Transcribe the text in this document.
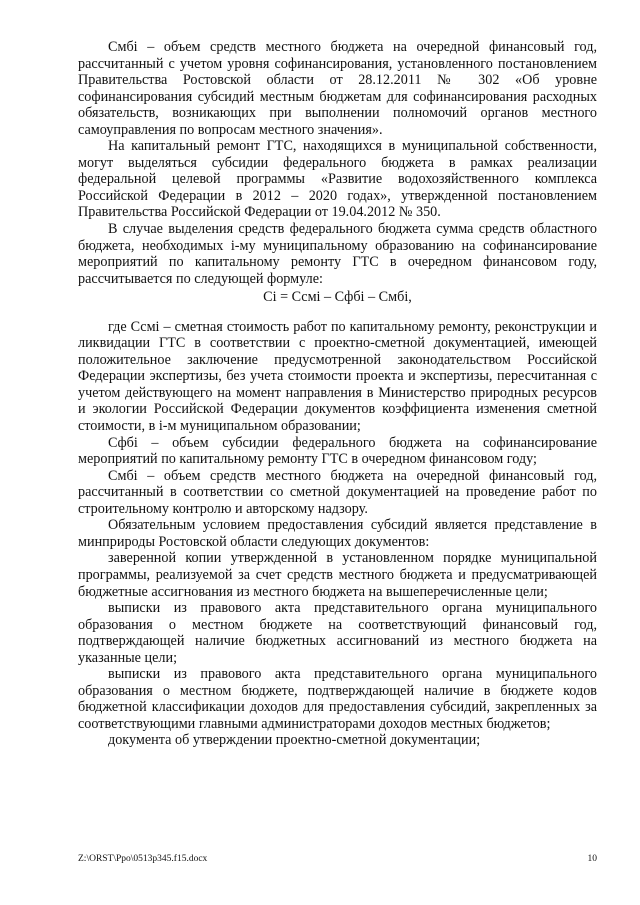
Смбi – объем средств местного бюджета на очередной финансовый год, рассчитанный с учетом уровня софинансирования, установленного постановлением Правительства Ростовской области от 28.12.2011 № 302 «Об уровне софинансирования субсидий местным бюджетам для софинансирования расходных обязательств, возникающих при выполнении полномочий органов местного самоуправления по вопросам местного значения».

На капитальный ремонт ГТС, находящихся в муниципальной собственности, могут выделяться субсидии федерального бюджета в рамках реализации федеральной целевой программы «Развитие водохозяйственного комплекса Российской Федерации в 2012 – 2020 годах», утвержденной постановлением Правительства Российской Федерации от 19.04.2012 № 350.

В случае выделения средств федерального бюджета сумма средств областного бюджета, необходимых i-му муниципальному образованию на софинансирование мероприятий по капитальному ремонту ГТС в очередном финансовом году, рассчитывается по следующей формуле:

Сi = Ссмi – Сфбi – Смбi,

где Ссмi – сметная стоимость работ по капитальному ремонту, реконструкции и ликвидации ГТС в соответствии с проектно-сметной документацией, имеющей положительное заключение предусмотренной законодательством Российской Федерации экспертизы, без учета стоимости проекта и экспертизы, пересчитанная с учетом действующего на момент направления в Министерство природных ресурсов и экологии Российской Федерации документов коэффициента изменения сметной стоимости, в i-м муниципальном образовании;

Сфбi – объем субсидии федерального бюджета на софинансирование мероприятий по капитальному ремонту ГТС в очередном финансовом году;

Смбi – объем средств местного бюджета на очередной финансовый год, рассчитанный в соответствии со сметной документацией на проведение работ по строительному контролю и авторскому надзору.

Обязательным условием предоставления субсидий является представление в минприроды Ростовской области следующих документов:

заверенной копии утвержденной в установленном порядке муниципальной программы, реализуемой за счет средств местного бюджета и предусматривающей бюджетные ассигнования из местного бюджета на вышеперечисленные цели;

выписки из правового акта представительного органа муниципального образования о местном бюджете на соответствующий финансовый год, подтверждающей наличие бюджетных ассигнований из местного бюджета на указанные цели;

выписки из правового акта представительного органа муниципального образования о местном бюджете, подтверждающей наличие в бюджете кодов бюджетной классификации доходов для предоставления субсидий, закрепленных за соответствующими главными администраторами доходов местных бюджетов;

документа об утверждении проектно-сметной документации;

Z:\ORST\Ppo\0513p345.f15.docx	10
